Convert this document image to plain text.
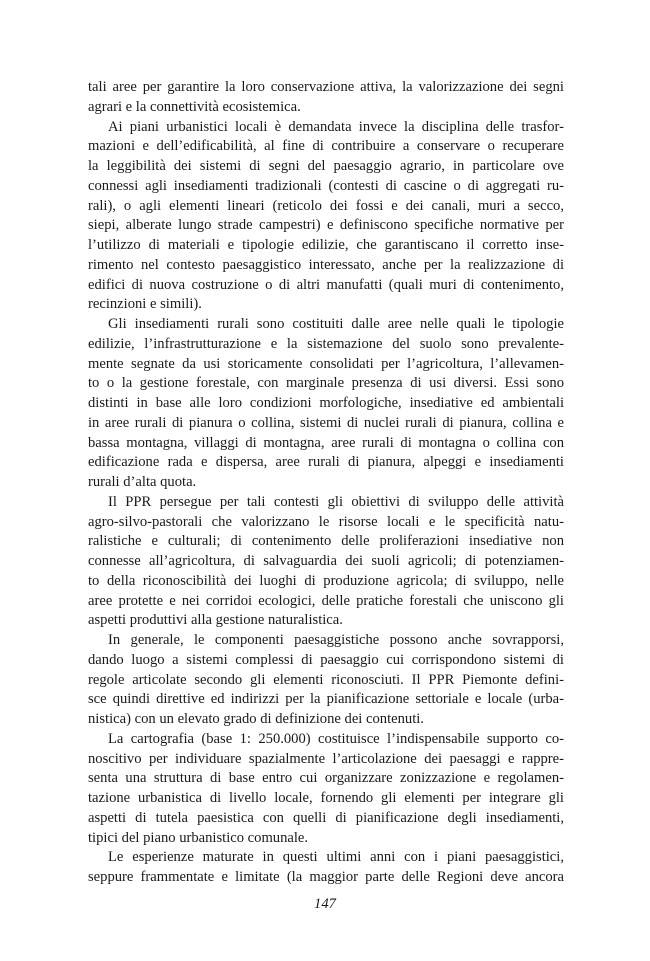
tali aree per garantire la loro conservazione attiva, la valorizzazione dei segni
agrari e la connettività ecosistemica.
Ai piani urbanistici locali è demandata invece la disciplina delle trasfor-
mazioni e dell’edificabilità, al fine di contribuire a conservare o recuperare
la leggibilità dei sistemi di segni del paesaggio agrario, in particolare ove
connessi agli insediamenti tradizionali (contesti di cascine o di aggregati ru-
rali), o agli elementi lineari (reticolo dei fossi e dei canali, muri a secco,
siepi, alberate lungo strade campestri) e definiscono specifiche normative per
l’utilizzo di materiali e tipologie edilizie, che garantiscano il corretto inse-
rimento nel contesto paesaggistico interessato, anche per la realizzazione di
edifici di nuova costruzione o di altri manufatti (quali muri di contenimento,
recinzioni e simili).
Gli insediamenti rurali sono costituiti dalle aree nelle quali le tipologie
edilizie, l’infrastrutturazione e la sistemazione del suolo sono prevalente-
mente segnate da usi storicamente consolidati per l’agricoltura, l’allevamen-
to o la gestione forestale, con marginale presenza di usi diversi. Essi sono
distinti in base alle loro condizioni morfologiche, insediative ed ambientali
in aree rurali di pianura o collina, sistemi di nuclei rurali di pianura, collina e
bassa montagna, villaggi di montagna, aree rurali di montagna o collina con
edificazione rada e dispersa, aree rurali di pianura, alpeggi e insediamenti
rurali d’alta quota.
Il PPR persegue per tali contesti gli obiettivi di sviluppo delle attività
agro-silvo-pastorali che valorizzano le risorse locali e le specificità natu-
ralistiche e culturali; di contenimento delle proliferazioni insediative non
connesse all’agricoltura, di salvaguardia dei suoli agricoli; di potenziamen-
to della riconoscibilità dei luoghi di produzione agricola; di sviluppo, nelle
aree protette e nei corridoi ecologici, delle pratiche forestali che uniscono gli
aspetti produttivi alla gestione naturalistica.
In generale, le componenti paesaggistiche possono anche sovrapporsi,
dando luogo a sistemi complessi di paesaggio cui corrispondono sistemi di
regole articolate secondo gli elementi riconosciuti. Il PPR Piemonte defini-
sce quindi direttive ed indirizzi per la pianificazione settoriale e locale (urba-
nistica) con un elevato grado di definizione dei contenuti.
La cartografia (base 1: 250.000) costituisce l’indispensabile supporto co-
noscitivo per individuare spazialmente l’articolazione dei paesaggi e rappre-
senta una struttura di base entro cui organizzare zonizzazione e regolamen-
tazione urbanistica di livello locale, fornendo gli elementi per integrare gli
aspetti di tutela paesistica con quelli di pianificazione degli insediamenti,
tipici del piano urbanistico comunale.
Le esperienze maturate in questi ultimi anni con i piani paesaggistici,
seppure frammentate e limitate (la maggior parte delle Regioni deve ancora
147
